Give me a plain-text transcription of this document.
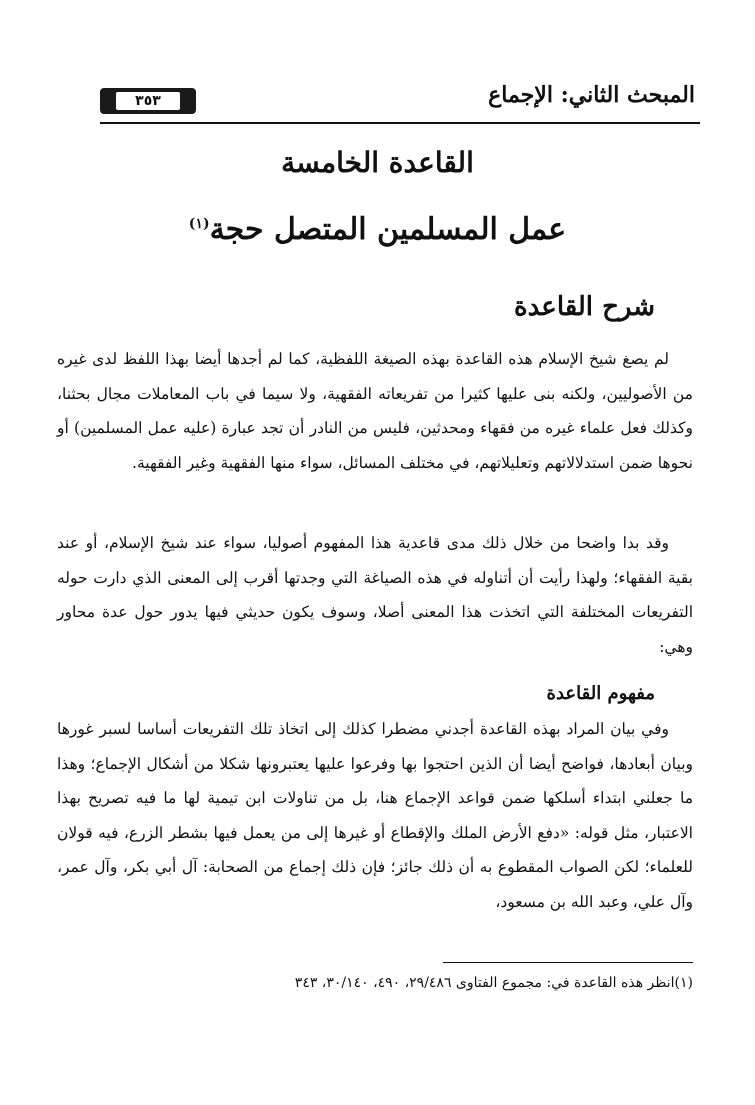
المبحث الثاني: الإجماع
٣٥٣
القاعدة الخامسة
عمل المسلمين المتصل حجة$^{(١)}$
شرح القاعدة
لم يصغ شيخ الإسلام هذه القاعدة بهذه الصيغة اللفظية، كما لم أجدها أيضا بهذا اللفظ لدى غيره من الأصوليين، ولكنه بنى عليها كثيرا من تفريعاته الفقهية، ولا سيما في باب المعاملات مجال بحثنا، وكذلك فعل علماء غيره من فقهاء ومحدثين، فليس من النادر أن تجد عبارة (عليه عمل المسلمين) أو نحوها ضمن استدلالاتهم وتعليلاتهم، في مختلف المسائل، سواء منها الفقهية وغير الفقهية.
وقد بدا واضحا من خلال ذلك مدى قاعدية هذا المفهوم أصوليا، سواء عند شيخ الإسلام، أو عند بقية الفقهاء؛ ولهذا رأيت أن أتناوله في هذه الصياغة التي وجدتها أقرب إلى المعنى الذي دارت حوله التفريعات المختلفة التي اتخذت هذا المعنى أصلا، وسوف يكون حديثي فيها يدور حول عدة محاور وهي:
مفهوم القاعدة
وفي بيان المراد بهذه القاعدة أجدني مضطرا كذلك إلى اتخاذ تلك التفريعات أساسا لسبر غورها وبيان أبعادها، فواضح أيضا أن الذين احتجوا بها وفرعوا عليها يعتبرونها شكلا من أشكال الإجماع؛ وهذا ما جعلني ابتداء أسلكها ضمن قواعد الإجماع هنا، بل من تناولات ابن تيمية لها ما فيه تصريح بهذا الاعتبار، مثل قوله: «دفع الأرض الملك والإقطاع أو غيرها إلى من يعمل فيها بشطر الزرع، فيه قولان للعلماء؛ لكن الصواب المقطوع به أن ذلك جائز؛ فإن ذلك إجماع من الصحابة: آل أبي بكر، وآل عمر، وآل علي، وعبد الله بن مسعود،
(١)انظر هذه القاعدة في: مجموع الفتاوى ٢٩/٤٨٦، ٤٩٠، ٣٠/١٤٠، ٣٤٣
